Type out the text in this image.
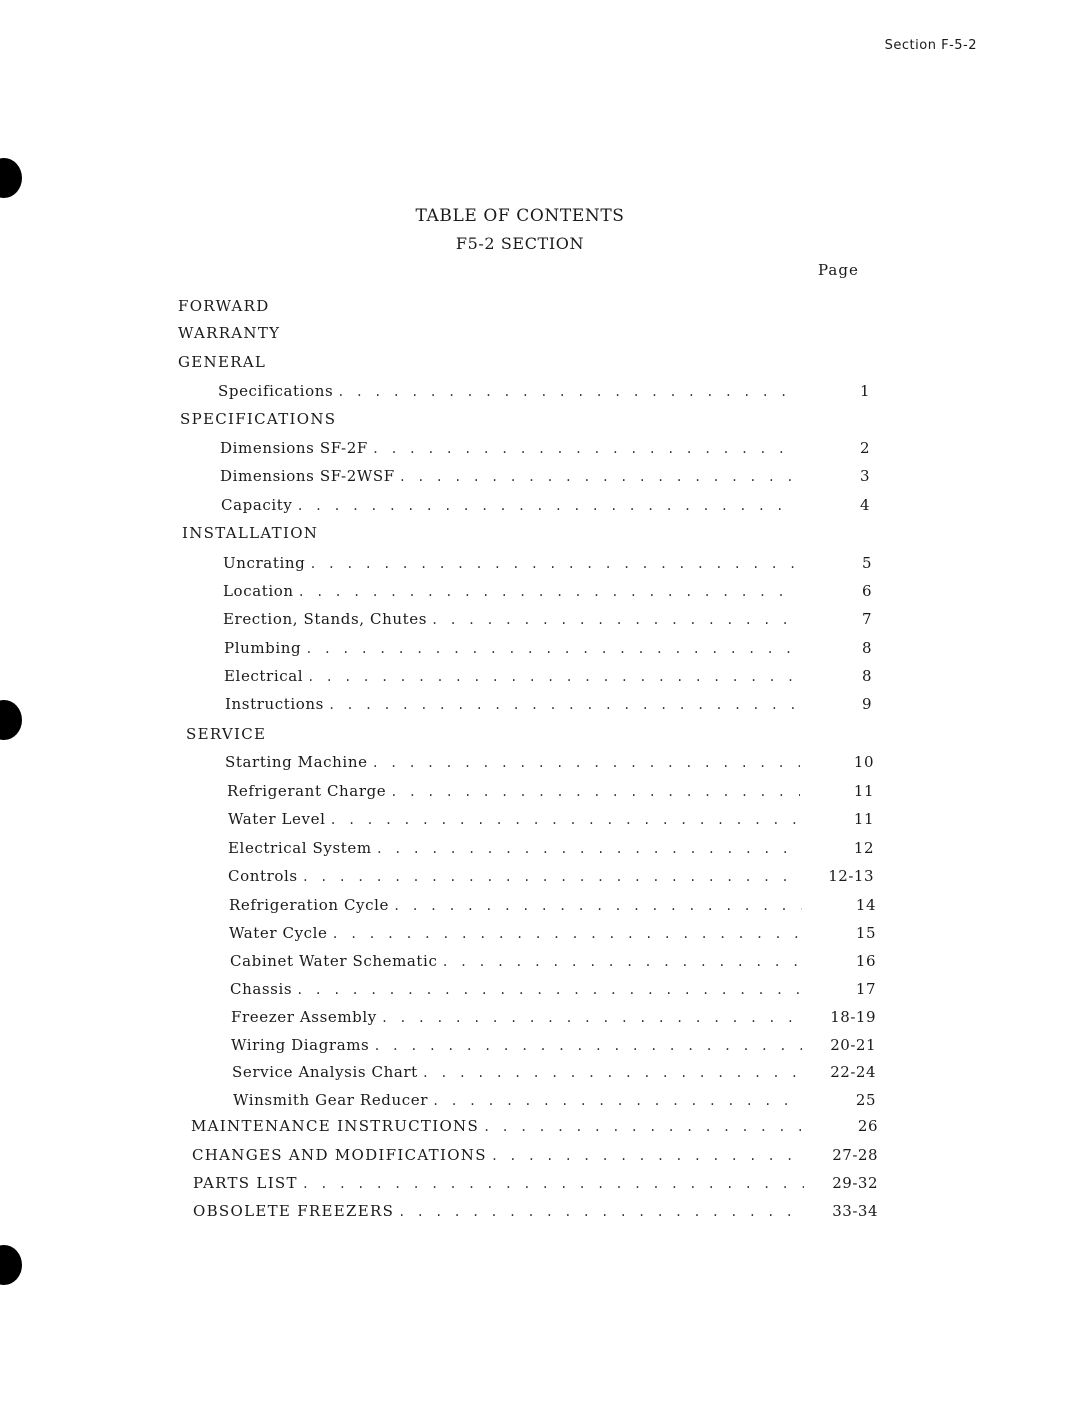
Section F-5-2
TABLE OF CONTENTS
F5-2 SECTION
Page
FORWARD
WARRANTY
GENERAL
Specifications . . .	1
SPECIFICATIONS
Dimensions SF-2F . . .	2
Dimensions SF-2WSF . . .	3
Capacity . . .	4
INSTALLATION
Uncrating . . .	5
Location . . .	6
Erection, Stands, Chutes . . .	7
Plumbing . . .	8
Electrical . . .	8
Instructions . . .	9
SERVICE
Starting Machine . . .	10
Refrigerant Charge . . .	11
Water Level . . .	11
Electrical System . . .	12
Controls . . .	12-13
Refrigeration Cycle . . .	14
Water Cycle . . .	15
Cabinet Water Schematic . . .	16
Chassis . . .	17
Freezer Assembly . . .	18-19
Wiring Diagrams . . .	20-21
Service Analysis Chart . . .	22-24
Winsmith Gear Reducer . . .	25
MAINTENANCE INSTRUCTIONS . . .	26
CHANGES AND MODIFICATIONS . . .	27-28
PARTS LIST . . .	29-32
OBSOLETE FREEZERS . . .	33-34
